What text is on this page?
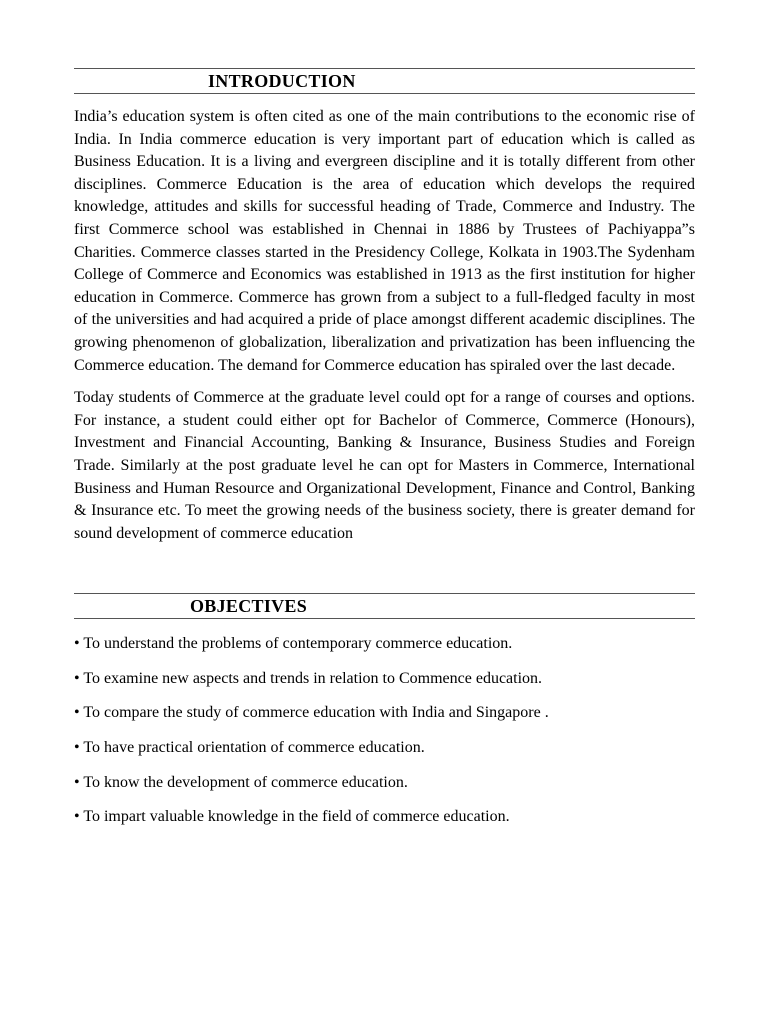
INTRODUCTION

India’s education system is often cited as one of the main contributions to the economic rise of India. In India commerce education is very important part of education which is called as Business Education. It is a living and evergreen discipline and it is totally different from other disciplines. Commerce Education is the area of education which develops the required knowledge, attitudes and skills for successful heading of Trade, Commerce and Industry. The first Commerce school was established in Chennai in 1886 by Trustees of Pachiyappa”s Charities. Commerce classes started in the Presidency College, Kolkata in 1903.The Sydenham College of Commerce and Economics was established in 1913 as the first institution for higher education in Commerce. Commerce has grown from a subject to a full-fledged faculty in most of the universities and had acquired a pride of place amongst different academic disciplines. The growing phenomenon of globalization, liberalization and privatization has been influencing the Commerce education. The demand for Commerce education has spiraled over the last decade.

Today students of Commerce at the graduate level could opt for a range of courses and options. For instance, a student could either opt for Bachelor of Commerce, Commerce (Honours), Investment and Financial Accounting, Banking & Insurance, Business Studies and Foreign Trade. Similarly at the post graduate level he can opt for Masters in Commerce, International Business and Human Resource and Organizational Development, Finance and Control, Banking & Insurance etc. To meet the growing needs of the business society, there is greater demand for sound development of commerce education

OBJECTIVES
• To understand the problems of contemporary commerce education.
• To examine new aspects and trends in relation to Commence education.
• To compare the study of commerce education with India and Singapore .
• To have practical orientation of commerce education.
• To know the development of commerce education.
• To impart valuable knowledge in the field of commerce education.
